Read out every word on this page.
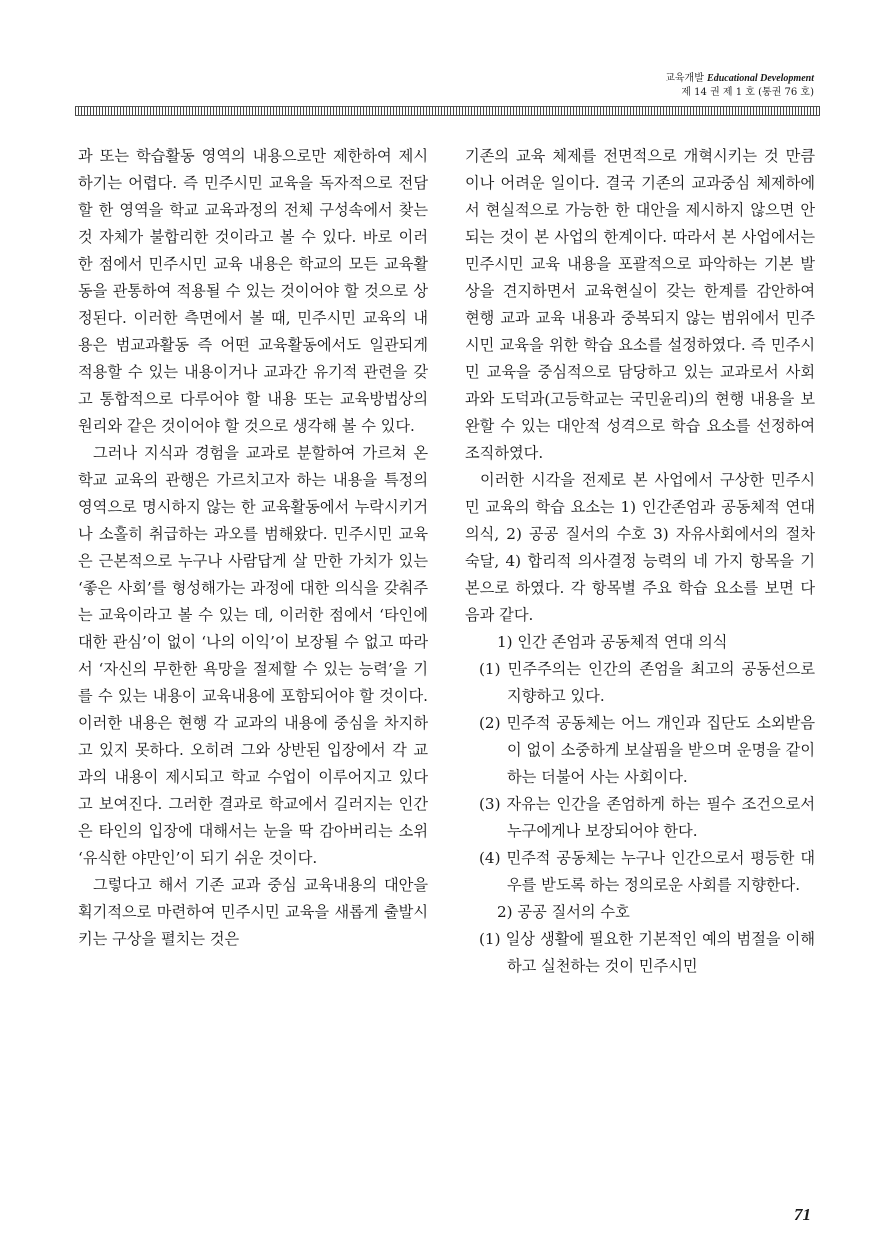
교육개발 Educational Development
제 14 권 제 1 호 (통권 76 호)

과 또는 학습활동 영역의 내용으로만 제한하여 제시하기는 어렵다. 즉 민주시민 교육을 독자적으로 전담할 한 영역을 학교 교육과정의 전체 구성속에서 찾는 것 자체가 불합리한 것이라고 볼 수 있다. 바로 이러한 점에서 민주시민 교육 내용은 학교의 모든 교육활동을 관통하여 적용될 수 있는 것이어야 할 것으로 상정된다. 이러한 측면에서 볼 때, 민주시민 교육의 내용은 범교과활동 즉 어떤 교육활동에서도 일관되게 적용할 수 있는 내용이거나 교과간 유기적 관련을 갖고 통합적으로 다루어야 할 내용 또는 교육방법상의 원리와 같은 것이어야 할 것으로 생각해 볼 수 있다.

그러나 지식과 경험을 교과로 분할하여 가르쳐 온 학교 교육의 관행은 가르치고자 하는 내용을 특정의 영역으로 명시하지 않는 한 교육활동에서 누락시키거나 소홀히 취급하는 과오를 범해왔다. 민주시민 교육은 근본적으로 누구나 사람답게 살 만한 가치가 있는 ‘좋은 사회’를 형성해가는 과정에 대한 의식을 갖춰주는 교육이라고 볼 수 있는 데, 이러한 점에서 ‘타인에 대한 관심’이 없이 ‘나의 이익’이 보장될 수 없고 따라서 ‘자신의 무한한 욕망을 절제할 수 있는 능력’을 기를 수 있는 내용이 교육내용에 포함되어야 할 것이다. 이러한 내용은 현행 각 교과의 내용에 중심을 차지하고 있지 못하다. 오히려 그와 상반된 입장에서 각 교과의 내용이 제시되고 학교 수업이 이루어지고 있다고 보여진다. 그러한 결과로 학교에서 길러지는 인간은 타인의 입장에 대해서는 눈을 딱 감아버리는 소위 ‘유식한 야만인’이 되기 쉬운 것이다.

그렇다고 해서 기존 교과 중심 교육내용의 대안을 획기적으로 마련하여 민주시민 교육을 새롭게 출발시키는 구상을 펼치는 것은

기존의 교육 체제를 전면적으로 개혁시키는 것 만큼이나 어려운 일이다. 결국 기존의 교과중심 체제하에서 현실적으로 가능한 한 대안을 제시하지 않으면 안되는 것이 본 사업의 한계이다. 따라서 본 사업에서는 민주시민 교육 내용을 포괄적으로 파악하는 기본 발상을 견지하면서 교육현실이 갖는 한계를 감안하여 현행 교과 교육 내용과 중복되지 않는 범위에서 민주시민 교육을 위한 학습 요소를 설정하였다. 즉 민주시민 교육을 중심적으로 담당하고 있는 교과로서 사회과와 도덕과(고등학교는 국민윤리)의 현행 내용을 보완할 수 있는 대안적 성격으로 학습 요소를 선정하여 조직하였다.

이러한 시각을 전제로 본 사업에서 구상한 민주시민 교육의 학습 요소는 1) 인간존엄과 공동체적 연대 의식, 2) 공공 질서의 수호 3) 자유사회에서의 절차 숙달, 4) 합리적 의사결정 능력의 네 가지 항목을 기본으로 하였다. 각 항목별 주요 학습 요소를 보면 다음과 같다.

1) 인간 존엄과 공동체적 연대 의식

(1) 민주주의는 인간의 존엄을 최고의 공동선으로 지향하고 있다.

(2) 민주적 공동체는 어느 개인과 집단도 소외받음이 없이 소중하게 보살핌을 받으며 운명을 같이하는 더불어 사는 사회이다.

(3) 자유는 인간을 존엄하게 하는 필수 조건으로서 누구에게나 보장되어야 한다.

(4) 민주적 공동체는 누구나 인간으로서 평등한 대우를 받도록 하는 정의로운 사회를 지향한다.

2) 공공 질서의 수호

(1) 일상 생활에 필요한 기본적인 예의 범절을 이해하고 실천하는 것이 민주시민

71
